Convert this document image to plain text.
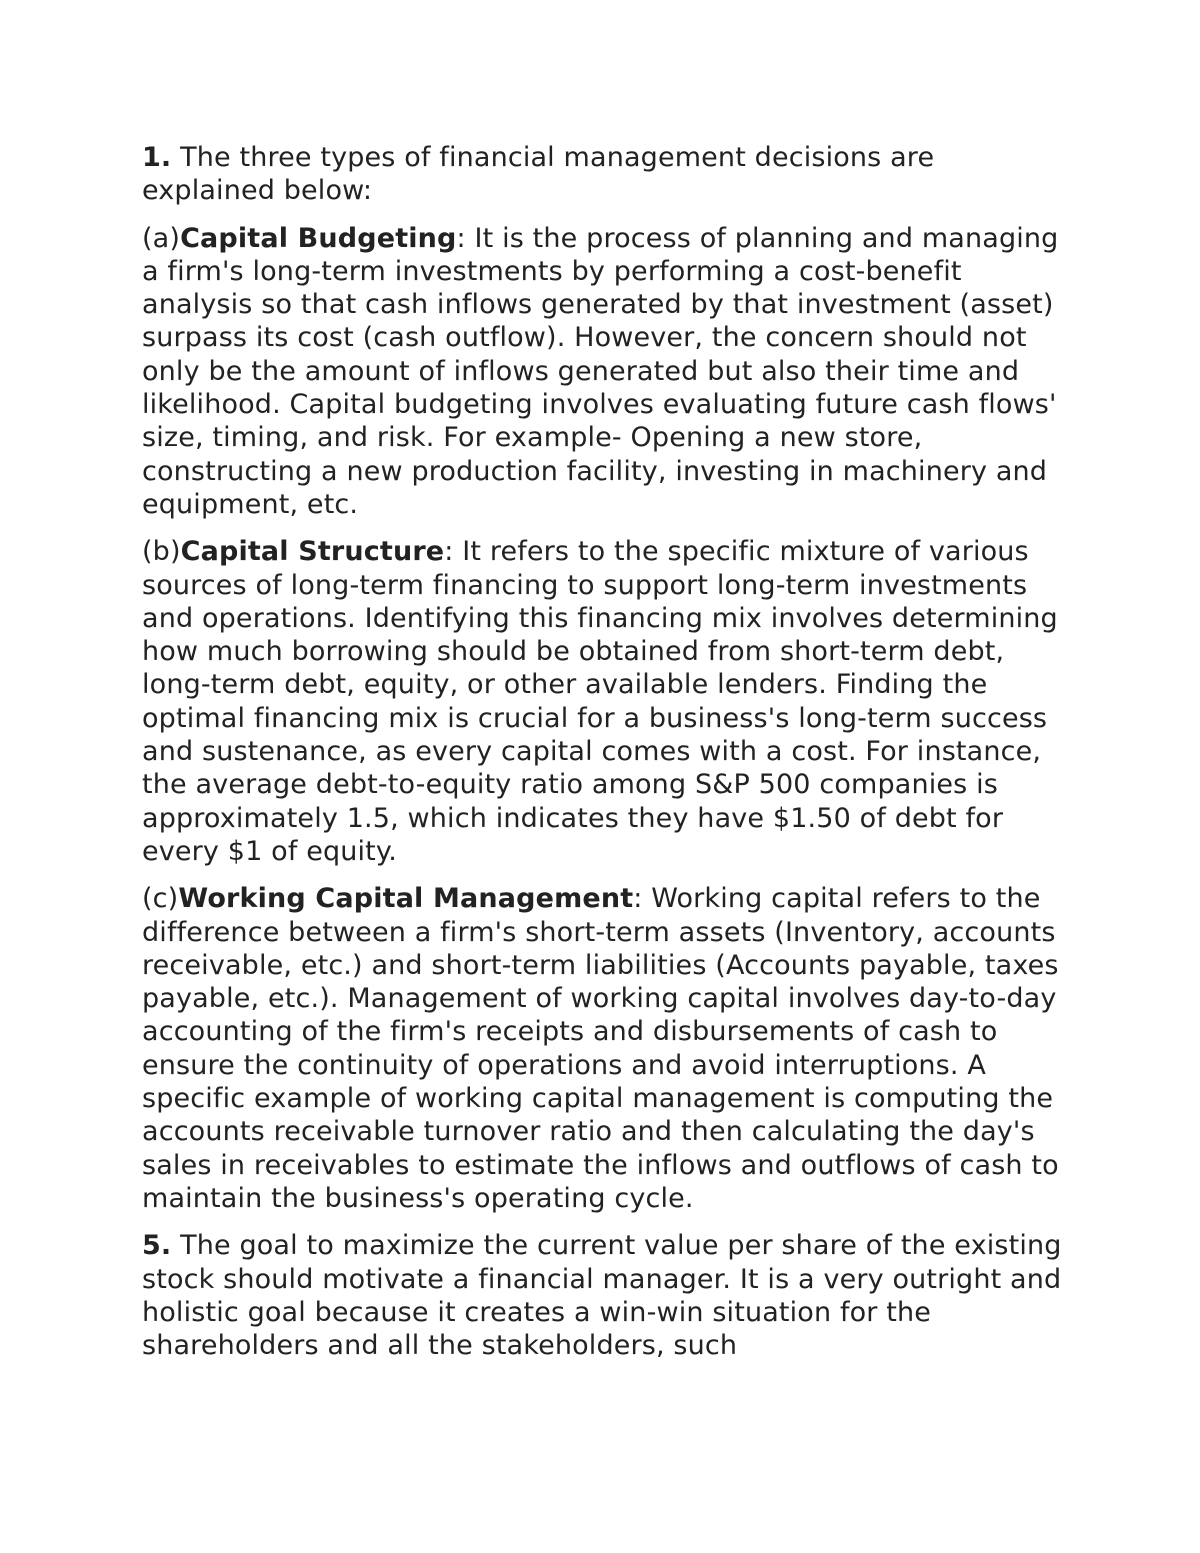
1. The three types of financial management decisions are explained below:

(a)Capital Budgeting: It is the process of planning and managing a firm's long-term investments by performing a cost-benefit analysis so that cash inflows generated by that investment (asset) surpass its cost (cash outflow). However, the concern should not only be the amount of inflows generated but also their time and likelihood. Capital budgeting involves evaluating future cash flows' size, timing, and risk. For example- Opening a new store, constructing a new production facility, investing in machinery and equipment, etc.

(b)Capital Structure: It refers to the specific mixture of various sources of long-term financing to support long-term investments and operations. Identifying this financing mix involves determining how much borrowing should be obtained from short-term debt, long-term debt, equity, or other available lenders. Finding the optimal financing mix is crucial for a business's long-term success and sustenance, as every capital comes with a cost. For instance, the average debt-to-equity ratio among S&P 500 companies is approximately 1.5, which indicates they have $1.50 of debt for every $1 of equity.

(c)Working Capital Management: Working capital refers to the difference between a firm's short-term assets (Inventory, accounts receivable, etc.) and short-term liabilities (Accounts payable, taxes payable, etc.). Management of working capital involves day-to-day accounting of the firm's receipts and disbursements of cash to ensure the continuity of operations and avoid interruptions. A specific example of working capital management is computing the accounts receivable turnover ratio and then calculating the day's sales in receivables to estimate the inflows and outflows of cash to maintain the business's operating cycle.

5. The goal to maximize the current value per share of the existing stock should motivate a financial manager. It is a very outright and holistic goal because it creates a win-win situation for the shareholders and all the stakeholders, such
